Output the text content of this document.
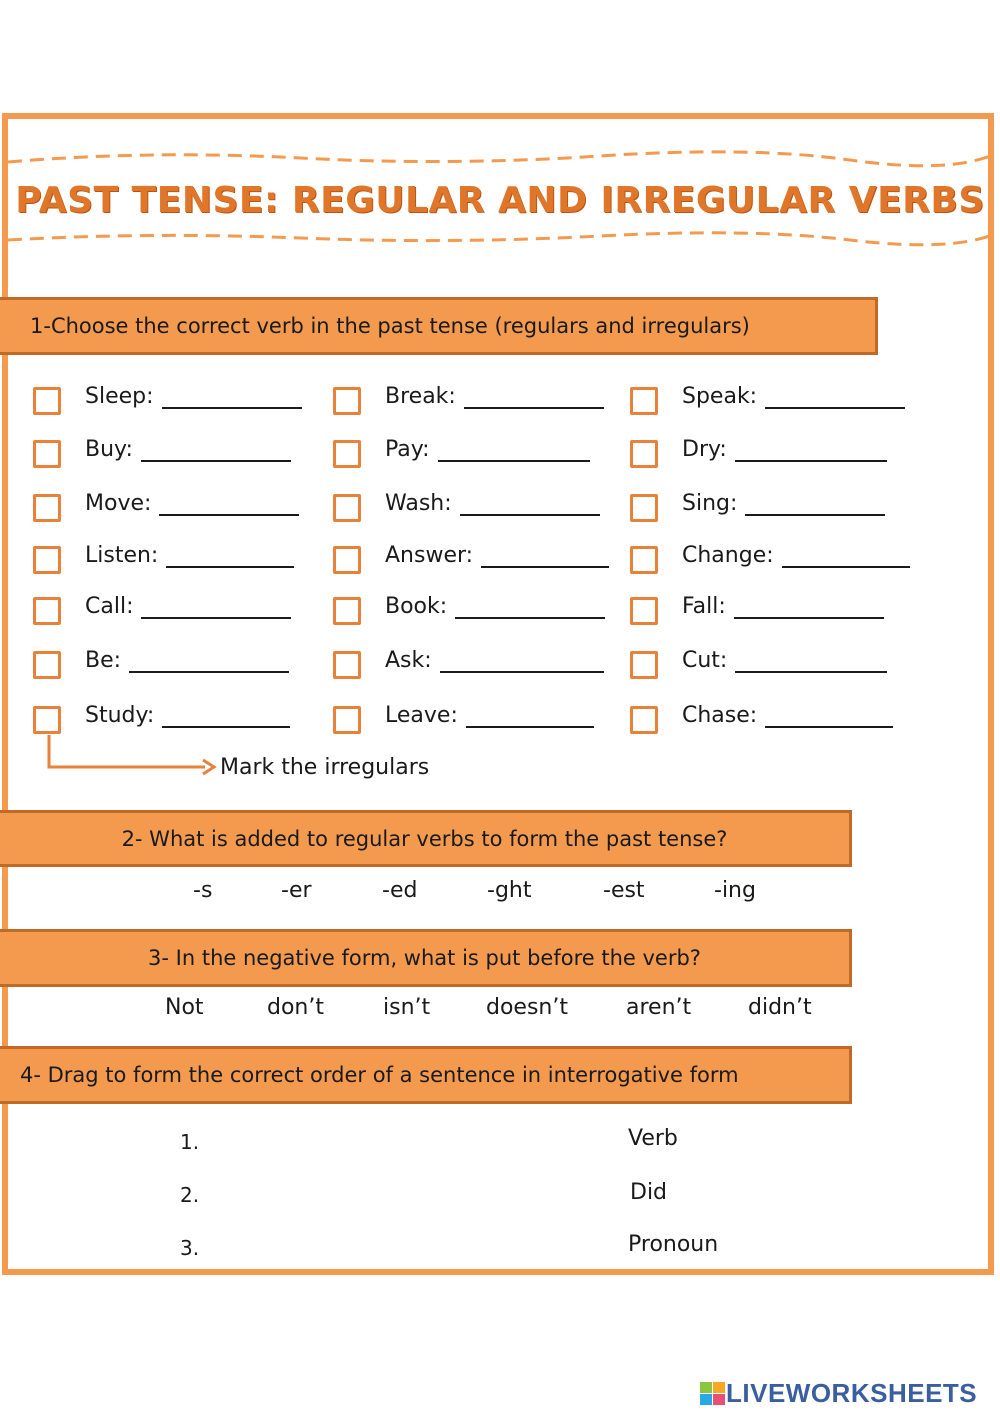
PAST TENSE: REGULAR AND IRREGULAR VERBS
1-Choose the correct verb in the past tense (regulars and irregulars)
Sleep:
Buy:
Move:
Listen:
Call:
Be:
Study:
Break:
Pay:
Wash:
Answer:
Book:
Ask:
Leave:
Speak:
Dry:
Sing:
Change:
Fall:
Cut:
Chase:
Mark the irregulars
2- What is added to regular verbs to form the past tense?
-s	-er	-ed	-ght	-est	-ing
3- In the negative form, what is put before the verb?
Not	don’t	isn’t	doesn’t	aren’t	didn’t
4- Drag to form the correct order of a sentence in interrogative form
1.
2.
3.
Verb
Did
Pronoun
LIVEWORKSHEETS
